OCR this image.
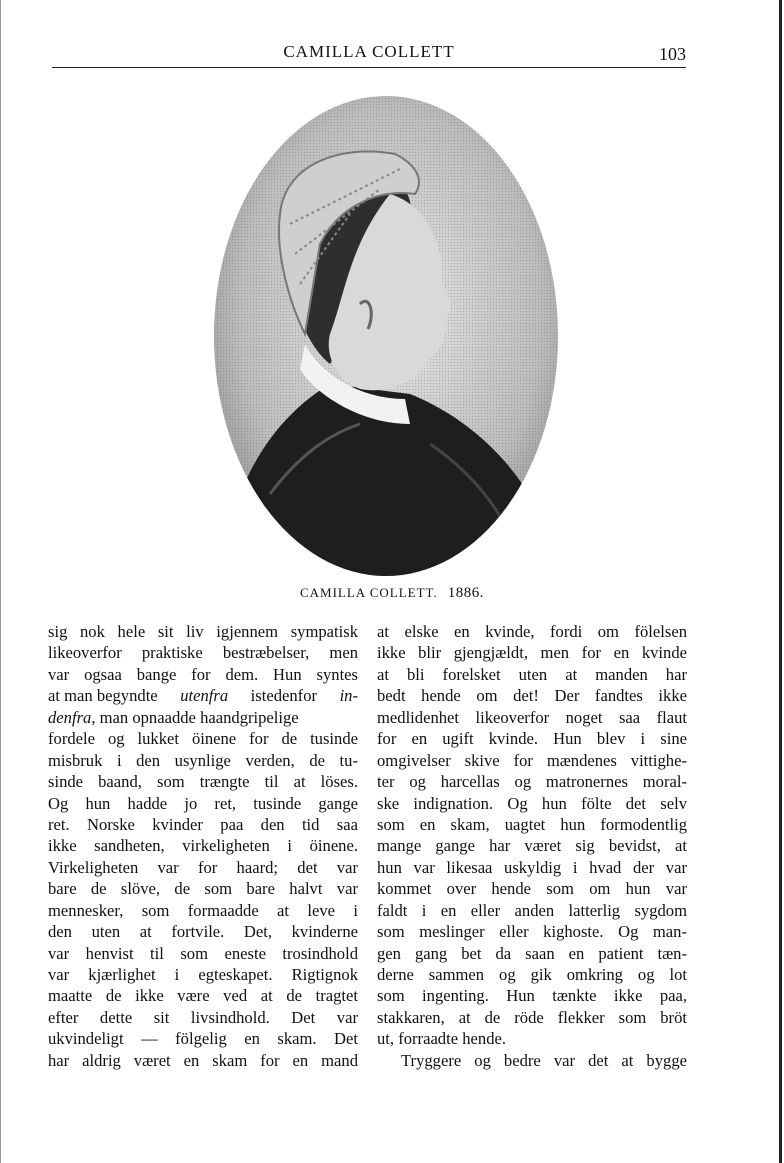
CAMILLA COLLETT	103
CAMILLA COLLETT. 1886.
sig nok hele sit liv igjennem sympatisk
likeoverfor praktiske bestræbelser, men
var ogsaa bange for dem. Hun syntes
at man begyndte utenfra istedenfor in-
denfra, man opnaadde haandgripelige
fordele og lukket öinene for de tusinde
misbruk i den usynlige verden, de tu-
sinde baand, som trængte til at löses.
Og hun hadde jo ret, tusinde gange
ret. Norske kvinder paa den tid saa
ikke sandheten, virkeligheten i öinene.
Virkeligheten var for haard; det var
bare de slöve, de som bare halvt var
mennesker, som formaadde at leve i
den uten at fortvile. Det, kvinderne
var henvist til som eneste trosindhold
var kjærlighet i egteskapet. Rigtignok
maatte de ikke være ved at de tragtet
efter dette sit livsindhold. Det var
ukvindeligt — fölgelig en skam. Det
har aldrig været en skam for en mand
at elske en kvinde, fordi om fölelsen
ikke blir gjengjældt, men for en kvinde
at bli forelsket uten at manden har
bedt hende om det! Der fandtes ikke
medlidenhet likeoverfor noget saa flaut
for en ugift kvinde. Hun blev i sine
omgivelser skive for mændenes vittighe-
ter og harcellas og matronernes moral-
ske indignation. Og hun fölte det selv
som en skam, uagtet hun formodentlig
mange gange har været sig bevidst, at
hun var likesaa uskyldig i hvad der var
kommet over hende som om hun var
faldt i en eller anden latterlig sygdom
som meslinger eller kighoste. Og man-
gen gang bet da saan en patient tæn-
derne sammen og gik omkring og lot
som ingenting. Hun tænkte ikke paa,
stakkaren, at de röde flekker som bröt
ut, forraadte hende.
Tryggere og bedre var det at bygge
